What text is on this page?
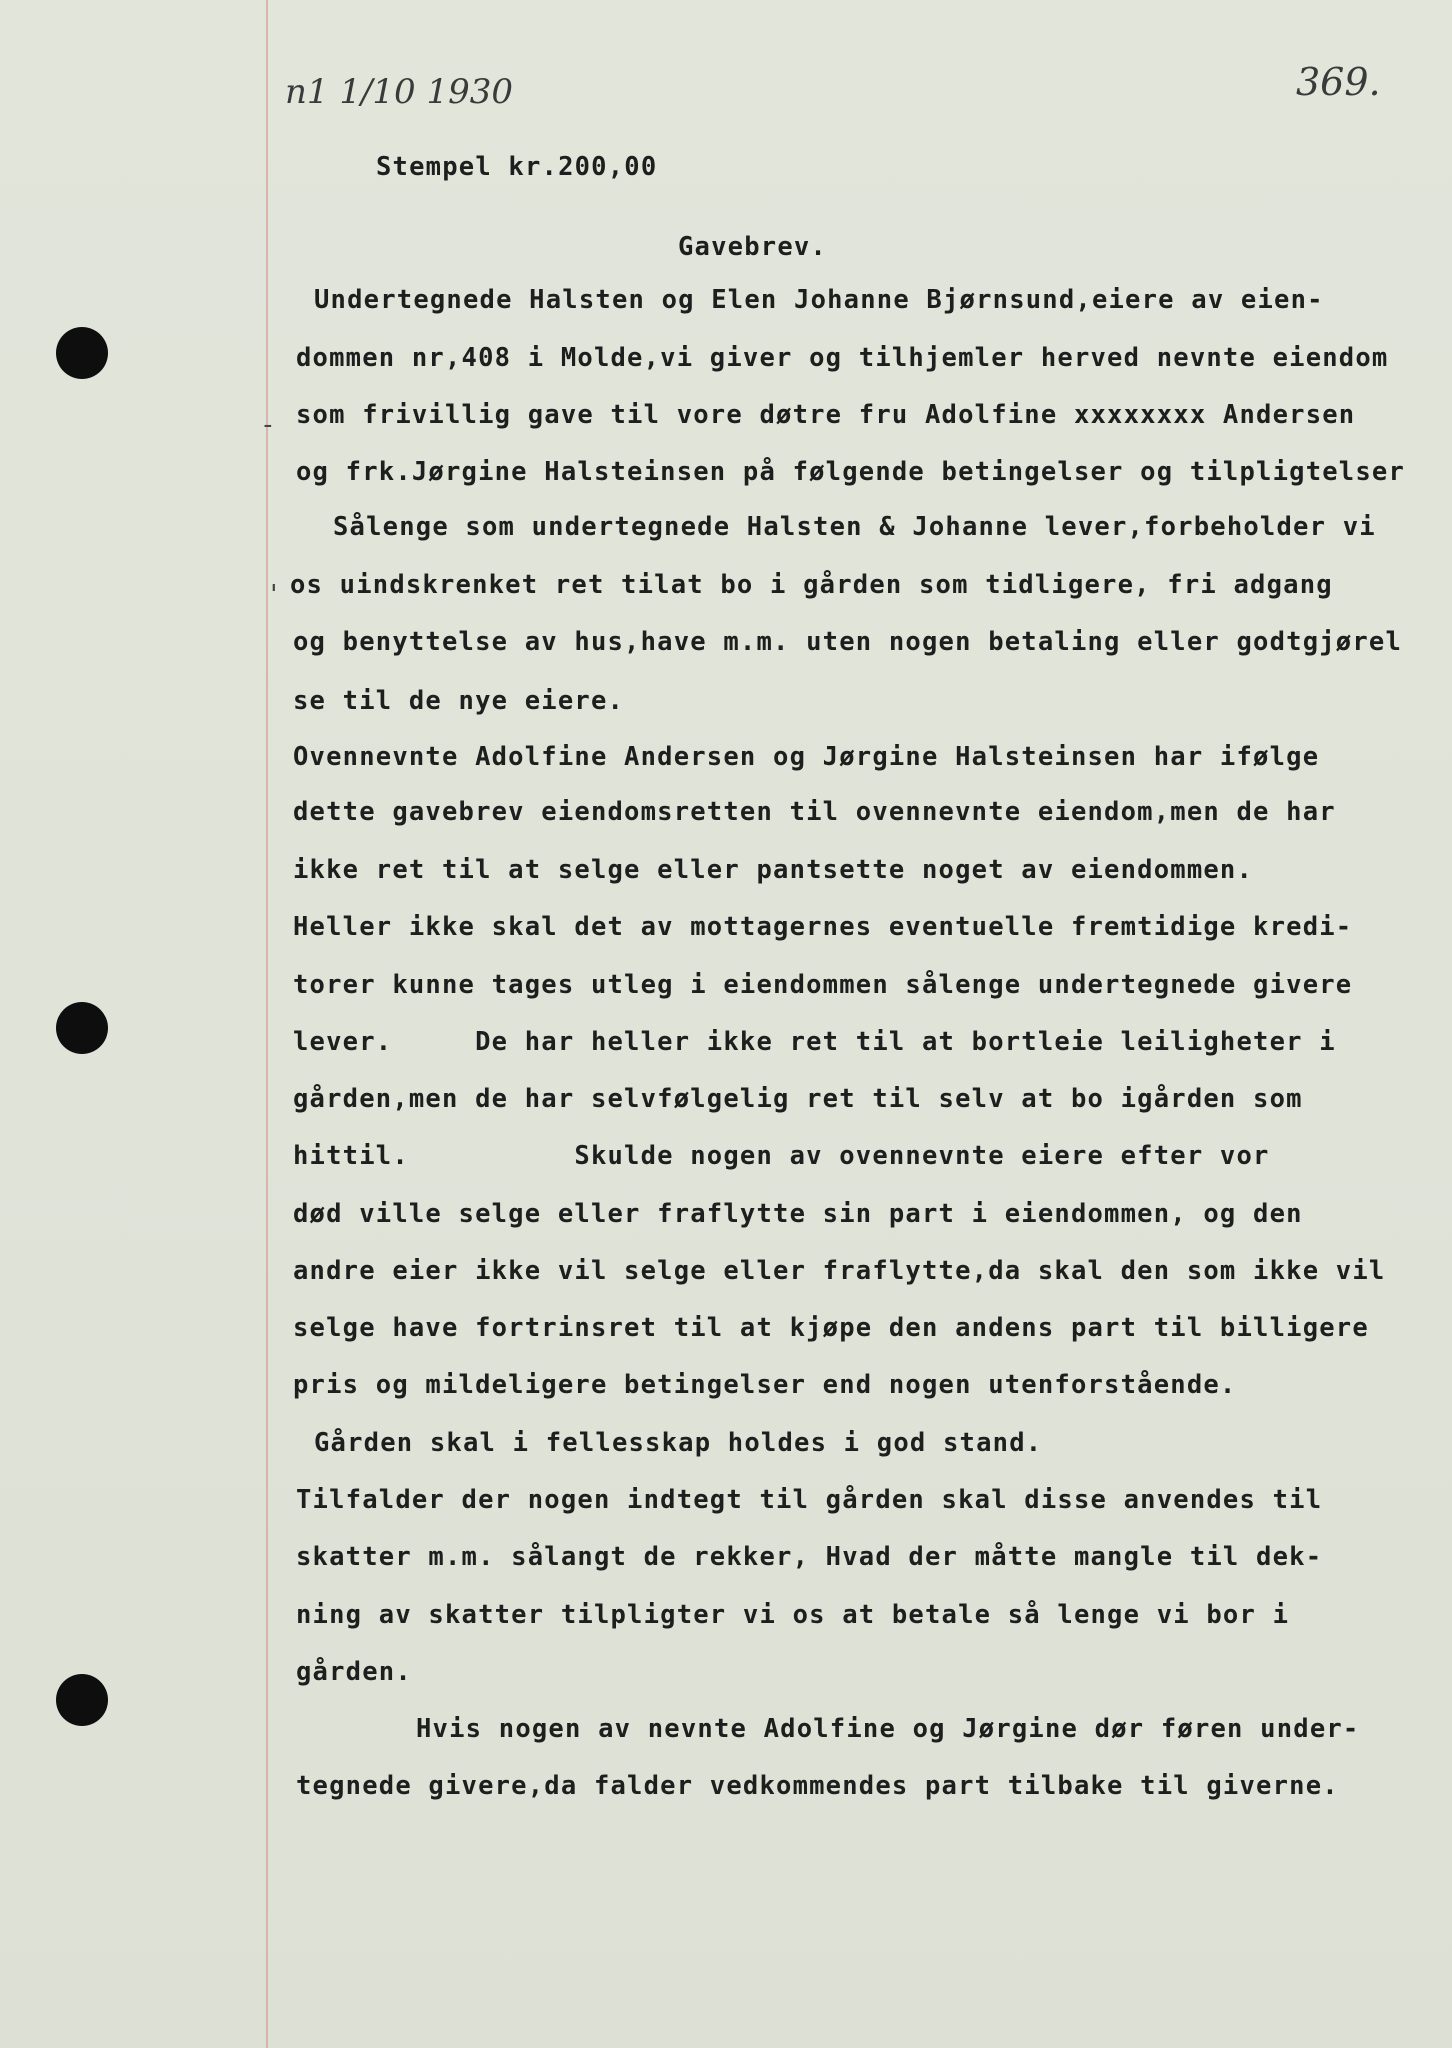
n1 1/10 1930	369.

Stempel kr.200,00

Gavebrev.

-
'

Undertegnede Halsten og Elen Johanne Bjørnsund,eiere av eien-

dommen nr,408 i Molde,vi giver og tilhjemler herved nevnte eiendom

som frivillig gave til vore døtre fru Adolfine xxxxxxxx Andersen

og frk.Jørgine Halsteinsen på følgende betingelser og tilpligtelser

Sålenge som undertegnede Halsten & Johanne lever,forbeholder vi

os uindskrenket ret tilat bo i gården som tidligere, fri adgang

og benyttelse av hus,have m.m. uten nogen betaling eller godtgjørel

se til de nye eiere.

Ovennevnte Adolfine Andersen og Jørgine Halsteinsen har ifølge

dette gavebrev eiendomsretten til ovennevnte eiendom,men de har

ikke ret til at selge eller pantsette noget av eiendommen.

Heller ikke skal det av mottagernes eventuelle fremtidige kredi-

torer kunne tages utleg i eiendommen sålenge undertegnede givere

lever.     De har heller ikke ret til at bortleie leiligheter i

gården,men de har selvfølgelig ret til selv at bo igården som

hittil.          Skulde nogen av ovennevnte eiere efter vor

død ville selge eller fraflytte sin part i eiendommen, og den

andre eier ikke vil selge eller fraflytte,da skal den som ikke vil

selge have fortrinsret til at kjøpe den andens part til billigere

pris og mildeligere betingelser end nogen utenforstående.

Gården skal i fellesskap holdes i god stand.

Tilfalder der nogen indtegt til gården skal disse anvendes til

skatter m.m. sålangt de rekker, Hvad der måtte mangle til dek-

ning av skatter tilpligter vi os at betale så lenge vi bor i

gården.

Hvis nogen av nevnte Adolfine og Jørgine dør føren under-

tegnede givere,da falder vedkommendes part tilbake til giverne.
